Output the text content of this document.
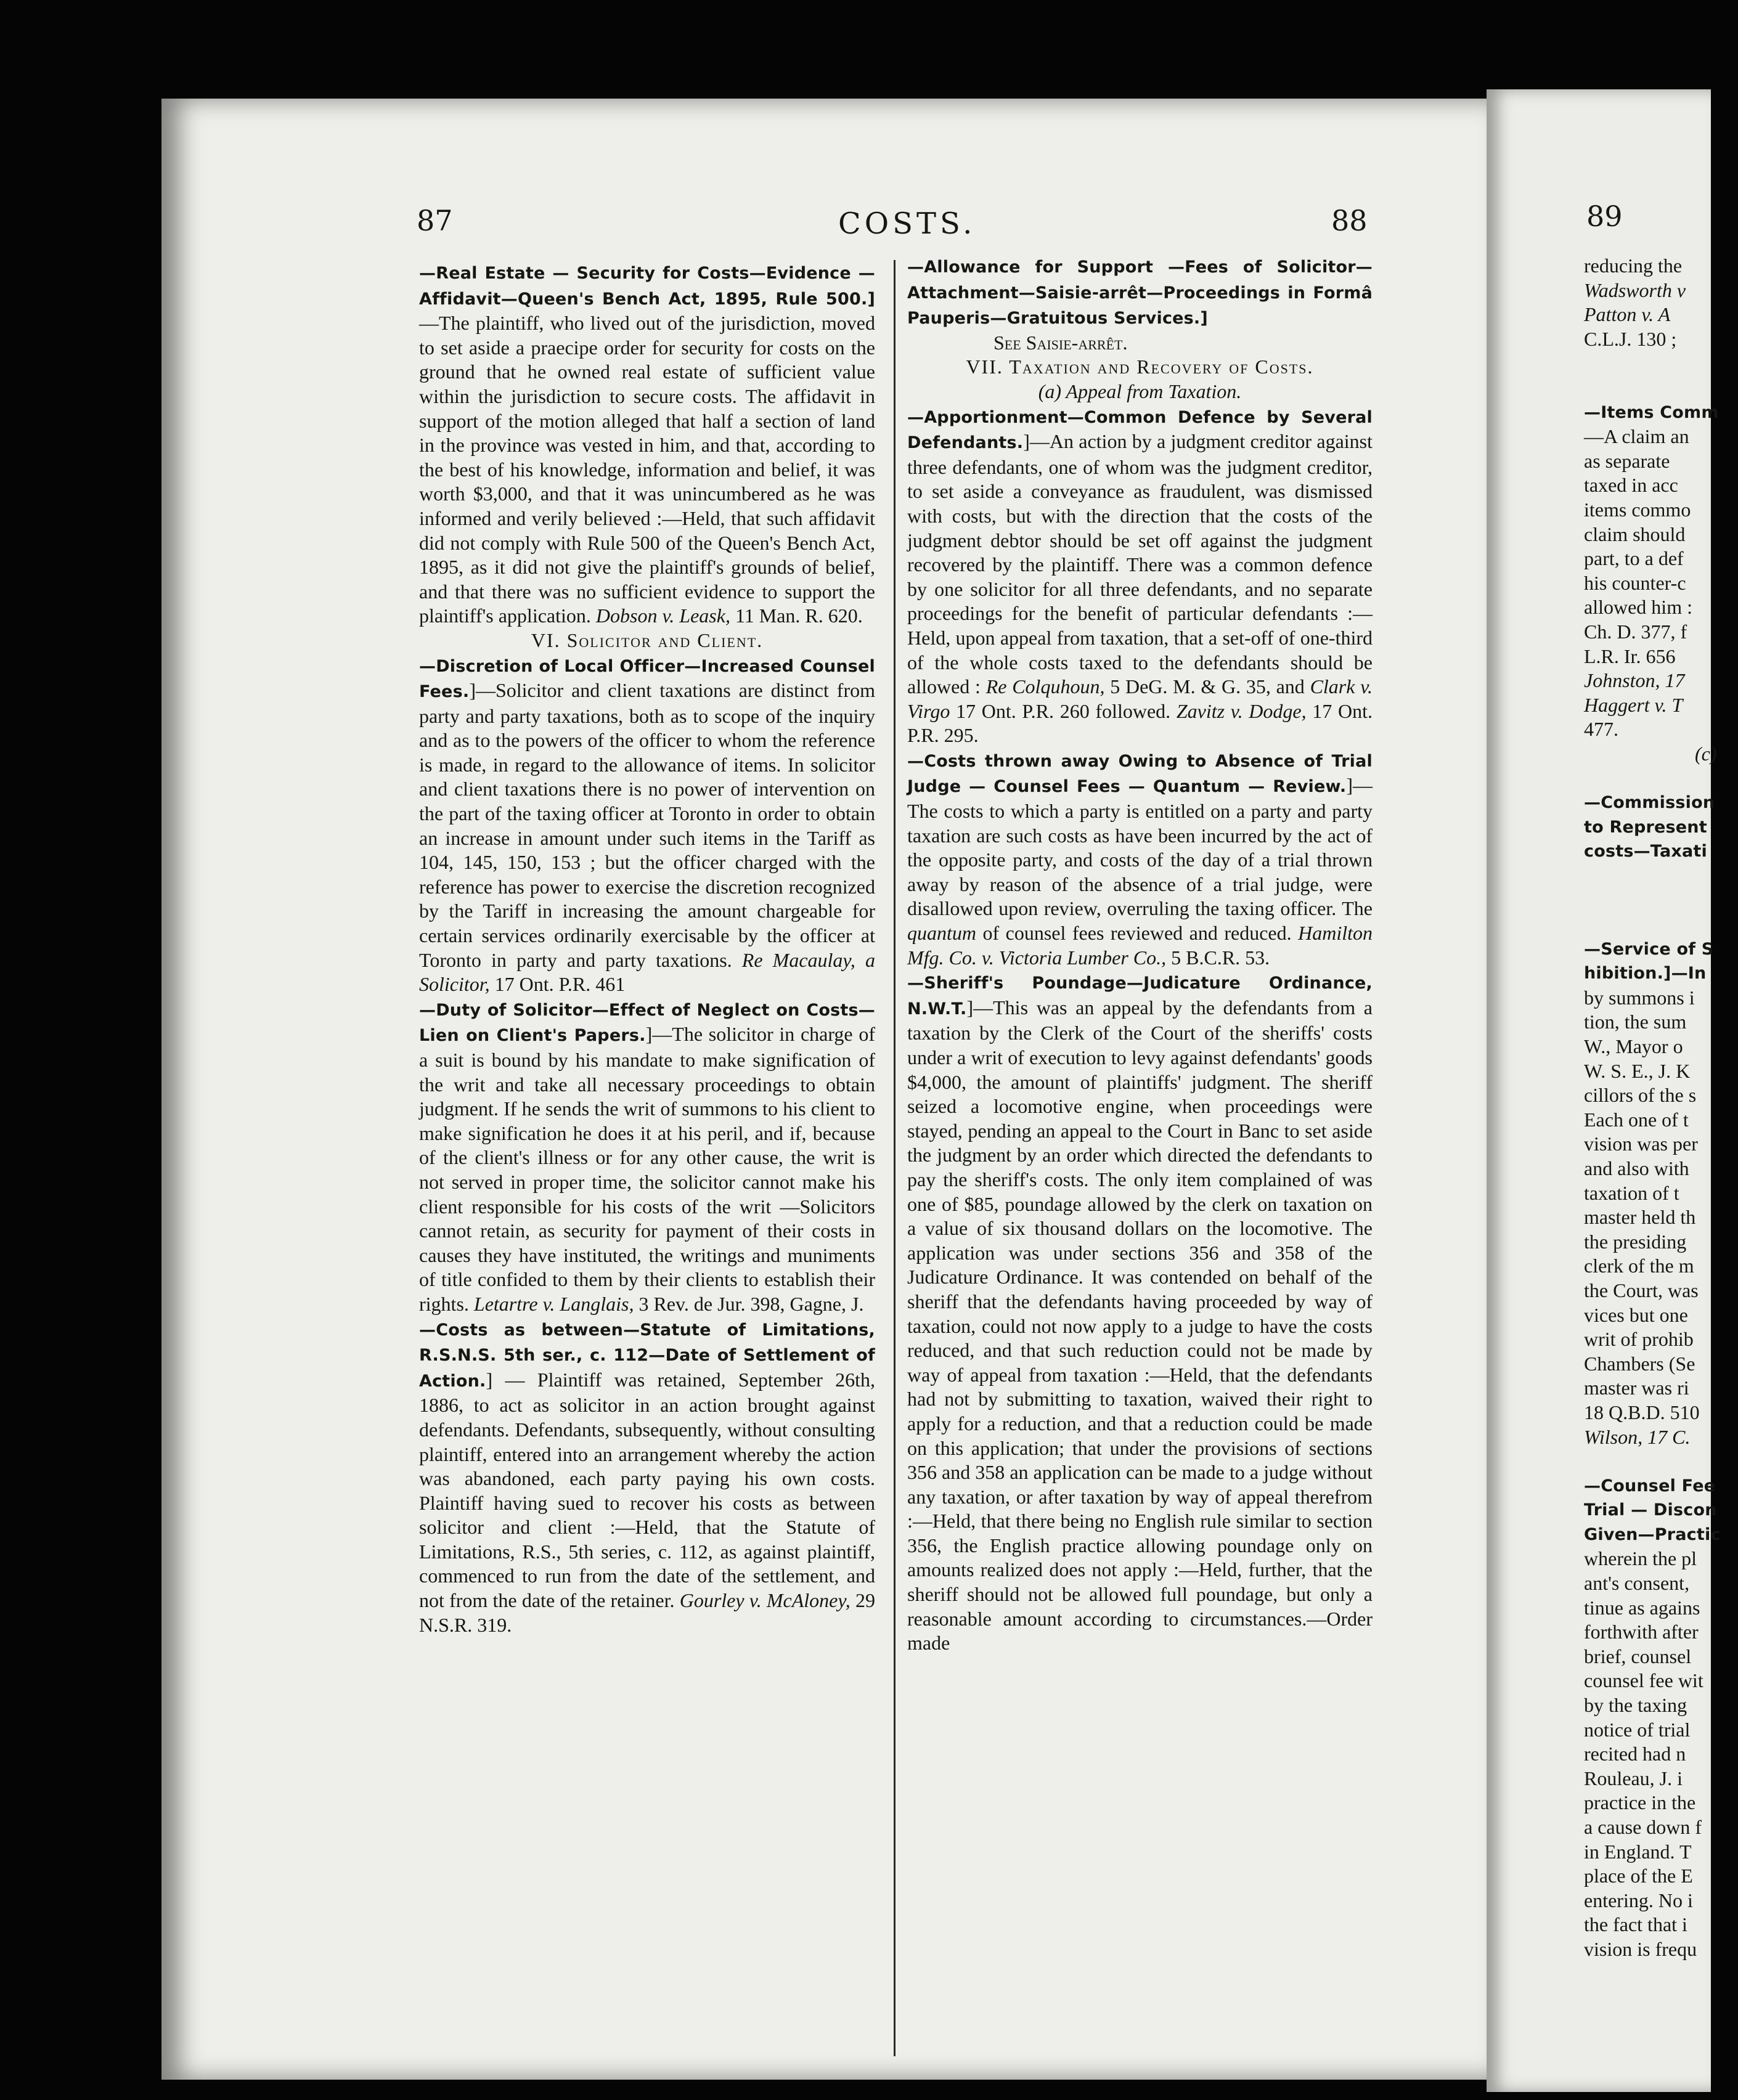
87	COSTS.	88	89

—Real Estate — Security for Costs—Evidence —Affidavit—Queen's Bench Act, 1895, Rule 500.] —The plaintiff, who lived out of the jurisdiction, moved to set aside a praecipe order for security for costs on the ground that he owned real estate of sufficient value within the jurisdiction to secure costs. The affidavit in support of the motion alleged that half a section of land in the province was vested in him, and that, according to the best of his knowledge, information and belief, it was worth $3,000, and that it was unincumbered as he was informed and verily believed :—Held, that such affidavit did not comply with Rule 500 of the Queen's Bench Act, 1895, as it did not give the plaintiff's grounds of belief, and that there was no sufficient evidence to support the plaintiff's application. Dobson v. Leask, 11 Man. R. 620.

VI. Solicitor and Client.

—Discretion of Local Officer—Increased Counsel Fees.]—Solicitor and client taxations are distinct from party and party taxations, both as to scope of the inquiry and as to the powers of the officer to whom the reference is made, in regard to the allowance of items. In solicitor and client taxations there is no power of intervention on the part of the taxing officer at Toronto in order to obtain an increase in amount under such items in the Tariff as 104, 145, 150, 153 ; but the officer charged with the reference has power to exercise the discretion recognized by the Tariff in increasing the amount chargeable for certain services ordinarily exercisable by the officer at Toronto in party and party taxations. Re Macaulay, a Solicitor, 17 Ont. P.R. 461

—Duty of Solicitor—Effect of Neglect on Costs—Lien on Client's Papers.]—The solicitor in charge of a suit is bound by his mandate to make signification of the writ and take all necessary proceedings to obtain judgment. If he sends the writ of summons to his client to make signification he does it at his peril, and if, because of the client's illness or for any other cause, the writ is not served in proper time, the solicitor cannot make his client responsible for his costs of the writ —Solicitors cannot retain, as security for payment of their costs in causes they have instituted, the writings and muniments of title confided to them by their clients to establish their rights. Letartre v. Langlais, 3 Rev. de Jur. 398, Gagne, J.

—Costs as between—Statute of Limitations, R.S.N.S. 5th ser., c. 112—Date of Settlement of Action.] — Plaintiff was retained, September 26th, 1886, to act as solicitor in an action brought against defendants. Defendants, subsequently, without consulting plaintiff, entered into an arrangement whereby the action was abandoned, each party paying his own costs. Plaintiff having sued to recover his costs as between solicitor and client :—Held, that the Statute of Limitations, R.S., 5th series, c. 112, as against plaintiff, commenced to run from the date of the settlement, and not from the date of the retainer. Gourley v. McAloney, 29 N.S.R. 319.

—Allowance for Support —Fees of Solicitor—Attachment—Saisie-arrêt—Proceedings in Formâ Pauperis—Gratuitous Services.]

See Saisie-arrêt.

VII. Taxation and Recovery of Costs.

(a) Appeal from Taxation.

—Apportionment—Common Defence by Several Defendants.]—An action by a judgment creditor against three defendants, one of whom was the judgment creditor, to set aside a conveyance as fraudulent, was dismissed with costs, but with the direction that the costs of the judgment debtor should be set off against the judgment recovered by the plaintiff. There was a common defence by one solicitor for all three defendants, and no separate proceedings for the benefit of particular defendants :—Held, upon appeal from taxation, that a set-off of one-third of the whole costs taxed to the defendants should be allowed : Re Colquhoun, 5 DeG. M. & G. 35, and Clark v. Virgo 17 Ont. P.R. 260 followed. Zavitz v. Dodge, 17 Ont. P.R. 295.

—Costs thrown away Owing to Absence of Trial Judge — Counsel Fees — Quantum — Review.]—The costs to which a party is entitled on a party and party taxation are such costs as have been incurred by the act of the opposite party, and costs of the day of a trial thrown away by reason of the absence of a trial judge, were disallowed upon review, overruling the taxing officer. The quantum of counsel fees reviewed and reduced. Hamilton Mfg. Co. v. Victoria Lumber Co., 5 B.C.R. 53.

—Sheriff's Poundage—Judicature Ordinance, N.W.T.]—This was an appeal by the defendants from a taxation by the Clerk of the Court of the sheriffs' costs under a writ of execution to levy against defendants' goods $4,000, the amount of plaintiffs' judgment. The sheriff seized a locomotive engine, when proceedings were stayed, pending an appeal to the Court in Banc to set aside the judgment by an order which directed the defendants to pay the sheriff's costs. The only item complained of was one of $85, poundage allowed by the clerk on taxation on a value of six thousand dollars on the locomotive. The application was under sections 356 and 358 of the Judicature Ordinance. It was contended on behalf of the sheriff that the defendants having proceeded by way of taxation, could not now apply to a judge to have the costs reduced, and that such reduction could not be made by way of appeal from taxation :—Held, that the defendants had not by submitting to taxation, waived their right to apply for a reduction, and that a reduction could be made on this application; that under the provisions of sections 356 and 358 an application can be made to a judge without any taxation, or after taxation by way of appeal therefrom :—Held, that there being no English rule similar to section 356, the English practice allowing poundage only on amounts realized does not apply :—Held, further, that the sheriff should not be allowed full poundage, but only a reasonable amount according to circumstances.—Order made

reducing the
Wadsworth v
Patton v. A
C.L.J. 130 ;
—Items Comm
—A claim an
as separate
taxed in acc
items commo
claim should
part, to a def
his counter-c
allowed him :
Ch. D. 377, f
L.R. Ir. 656
Johnston, 17
Haggert v. T
477.
(c)
—Commission
to Represent
costs—Taxati
—Service of S
hibition.]—In
by summons i
tion, the sum
W., Mayor o
W. S. E., J. K
cillors of the s
Each one of t
vision was per
and also with
taxation of t
master held th
the presiding
clerk of the m
the Court, was
vices but one
writ of prohib
Chambers (Se
master was ri
18 Q.B.D. 510
Wilson, 17 C.
—Counsel Fee
Trial — Discon
Given—Practic
wherein the pl
ant's consent,
tinue as agains
forthwith after
brief, counsel
counsel fee wit
by the taxing
notice of trial
recited had n
Rouleau, J. i
practice in the
a cause down f
in England. T
place of the E
entering. No i
the fact that i
vision is frequ
